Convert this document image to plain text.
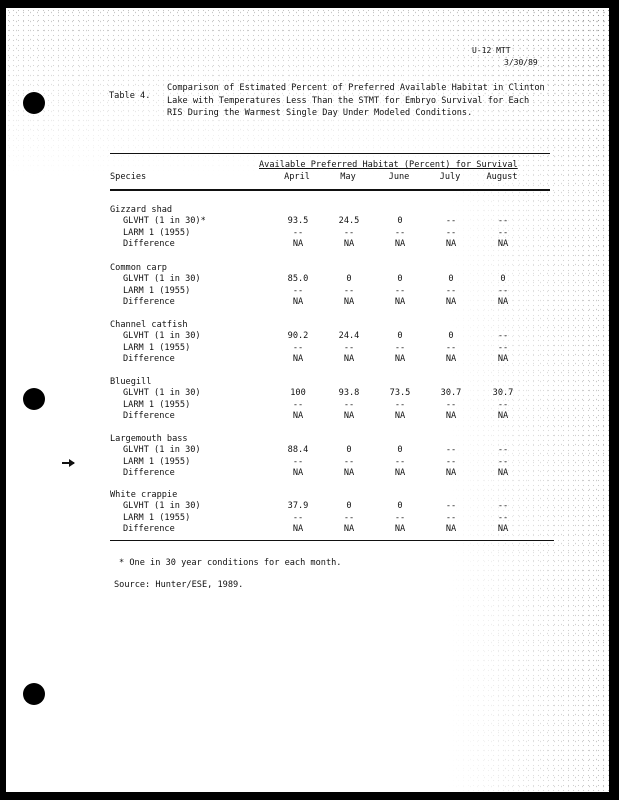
U-12 MTT
3/30/89
Table 4.
Comparison of Estimated Percent of Preferred Available Habitat in Clinton Lake with Temperatures Less Than the STMT for Embryo Survival for Each RIS During the Warmest Single Day Under Modeled Conditions.
Available Preferred Habitat (Percent) for Survival
Species	April	May	June	July	August
Gizzard shad
GLVHT (1 in 30)*	93.5	24.5	0	--	--
LARM 1 (1955)	--	--	--	--	--
Difference	NA	NA	NA	NA	NA
Common carp
GLVHT (1 in 30)	85.0	0	0	0	0
LARM 1 (1955)	--	--	--	--	--
Difference	NA	NA	NA	NA	NA
Channel catfish
GLVHT (1 in 30)	90.2	24.4	0	0	--
LARM 1 (1955)	--	--	--	--	--
Difference	NA	NA	NA	NA	NA
Bluegill
GLVHT (1 in 30)	100	93.8	73.5	30.7	30.7
LARM 1 (1955)	--	--	--	--	--
Difference	NA	NA	NA	NA	NA
Largemouth bass
GLVHT (1 in 30)	88.4	0	0	--	--
LARM 1 (1955)	--	--	--	--	--
Difference	NA	NA	NA	NA	NA
White crappie
GLVHT (1 in 30)	37.9	0	0	--	--
LARM 1 (1955)	--	--	--	--	--
Difference	NA	NA	NA	NA	NA
* One in 30 year conditions for each month.
Source: Hunter/ESE, 1989.
